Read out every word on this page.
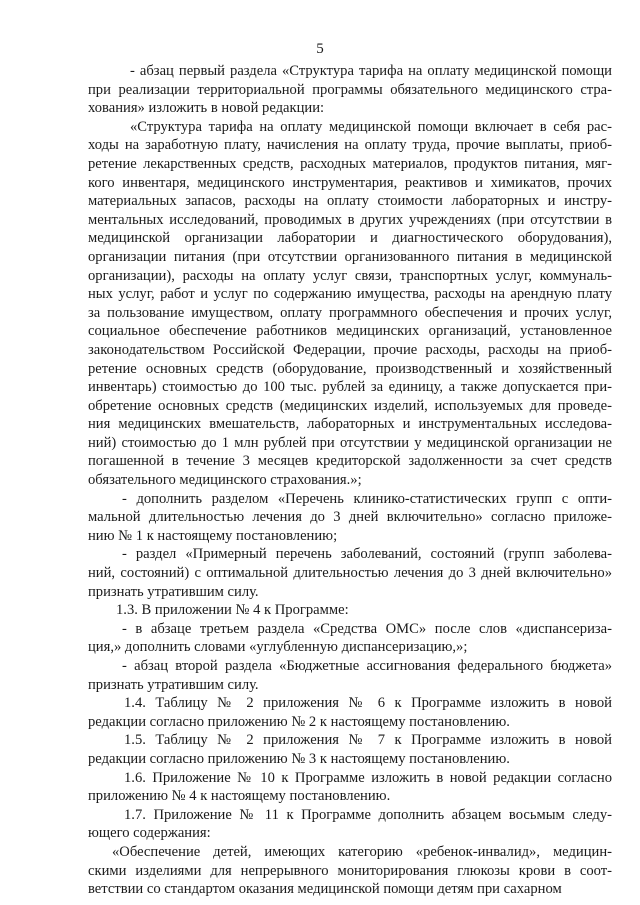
5
- абзац первый раздела «Структура тарифа на оплату медицинской помощи
при реализации территориальной программы обязательного медицинского стра-
хования» изложить в новой редакции:
«Структура тарифа на оплату медицинской помощи включает в себя рас-
ходы на заработную плату, начисления на оплату труда, прочие выплаты, приоб-
ретение лекарственных средств, расходных материалов, продуктов питания, мяг-
кого инвентаря, медицинского инструментария, реактивов и химикатов, прочих
материальных запасов, расходы на оплату стоимости лабораторных и инстру-
ментальных исследований, проводимых в других учреждениях (при отсутствии в
медицинской организации лаборатории и диагностического оборудования),
организации питания (при отсутствии организованного питания в медицинской
организации), расходы на оплату услуг связи, транспортных услуг, коммуналь-
ных услуг, работ и услуг по содержанию имущества, расходы на арендную плату
за пользование имуществом, оплату программного обеспечения и прочих услуг,
социальное обеспечение работников медицинских организаций, установленное
законодательством Российской Федерации, прочие расходы, расходы на приоб-
ретение основных средств (оборудование, производственный и хозяйственный
инвентарь) стоимостью до 100 тыс. рублей за единицу, а также допускается при-
обретение основных средств (медицинских изделий, используемых для проведе-
ния медицинских вмешательств, лабораторных и инструментальных исследова-
ний) стоимостью до 1 млн рублей при отсутствии у медицинской организации не
погашенной в течение 3 месяцев кредиторской задолженности за счет средств
обязательного медицинского страхования.»;
- дополнить разделом «Перечень клинико-статистических групп с опти-
мальной длительностью лечения до 3 дней включительно» согласно приложе-
нию № 1 к настоящему постановлению;
- раздел «Примерный перечень заболеваний, состояний (групп заболева-
ний, состояний) с оптимальной длительностью лечения до 3 дней включительно»
признать утратившим силу.
1.3. В приложении № 4 к Программе:
- в абзаце третьем раздела «Средства ОМС» после слов «диспансериза-
ция,» дополнить словами «углубленную диспансеризацию,»;
- абзац второй раздела «Бюджетные ассигнования федерального бюджета»
признать утратившим силу.
1.4. Таблицу № 2 приложения № 6 к Программе изложить в новой
редакции согласно приложению № 2 к настоящему постановлению.
1.5. Таблицу № 2 приложения № 7 к Программе изложить в новой
редакции согласно приложению № 3 к настоящему постановлению.
1.6. Приложение № 10 к Программе изложить в новой редакции согласно
приложению № 4 к настоящему постановлению.
1.7. Приложение № 11 к Программе дополнить абзацем восьмым следу-
ющего содержания:
«Обеспечение детей, имеющих категорию «ребенок-инвалид», медицин-
скими изделиями для непрерывного мониторирования глюкозы крови в соот-
ветствии со стандартом оказания медицинской помощи детям при сахарном
